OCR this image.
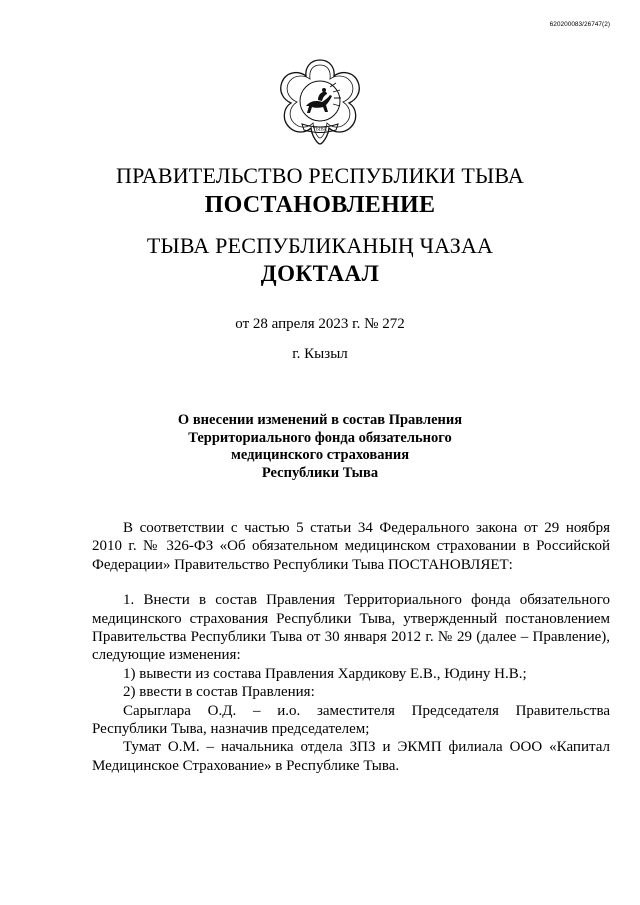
620200083/26747(2)
ТЫВА
ПРАВИТЕЛЬСТВО РЕСПУБЛИКИ ТЫВА
ПОСТАНОВЛЕНИЕ
ТЫВА РЕСПУБЛИКАНЫҢ ЧАЗАА
ДОКТААЛ
от 28 апреля 2023 г. № 272
г. Кызыл
О внесении изменений в состав Правления
Территориального фонда обязательного
медицинского страхования
Республики Тыва

В соответствии с частью 5 статьи 34 Федерального закона от 29 ноября 2010 г. № 326-ФЗ «Об обязательном медицинском страховании в Российской Федерации» Правительство Республики Тыва ПОСТАНОВЛЯЕТ:

1. Внести в состав Правления Территориального фонда обязательного медицинского страхования Республики Тыва, утвержденный постановлением Правительства Республики Тыва от 30 января 2012 г. № 29 (далее – Правление), следующие изменения:

1) вывести из состава Правления Хардикову Е.В., Юдину Н.В.;

2) ввести в состав Правления:

Сарыглара О.Д. – и.о. заместителя Председателя Правительства Республики Тыва, назначив председателем;

Тумат О.М. – начальника отдела ЗПЗ и ЭКМП филиала ООО «Капитал Медицинское Страхование» в Республике Тыва.
